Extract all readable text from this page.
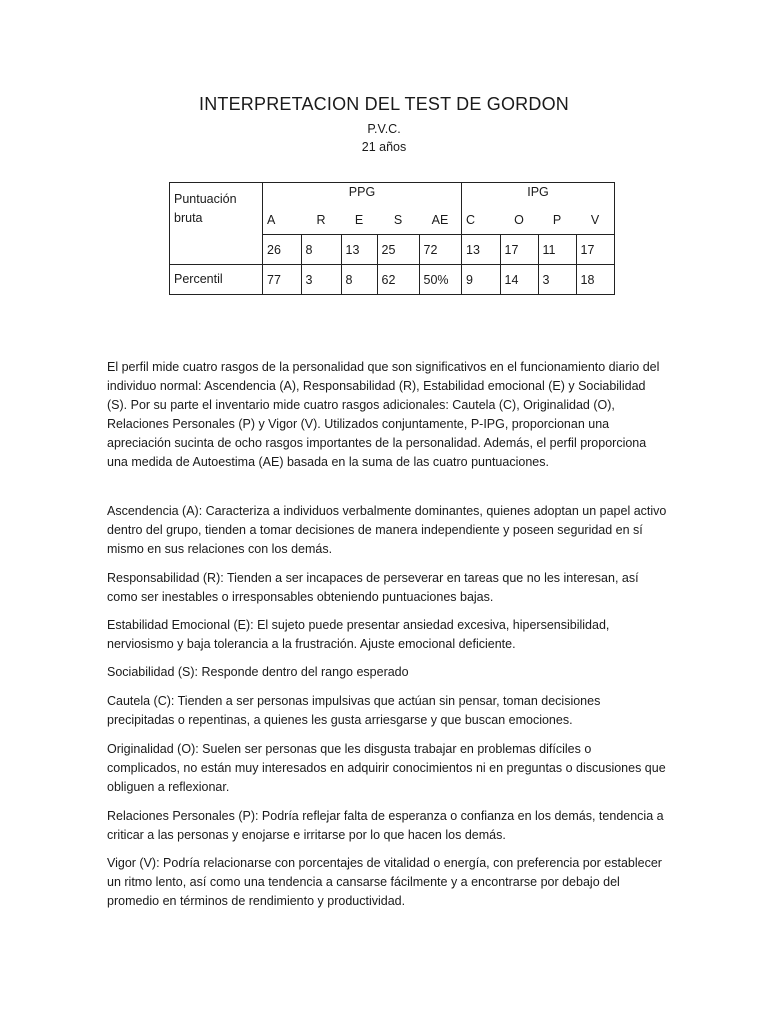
INTERPRETACION DEL TEST DE GORDON
P.V.C.
21 años
Puntuación bruta	PPG					IPG			
	A	R	E	S	AE	C	O	P	V
	26	8	13	25	72	13	17	11	17
Percentil	77	3	8	62	50%	9	14	3	18
El perfil mide cuatro rasgos de la personalidad que son significativos en el funcionamiento diario del individuo normal: Ascendencia (A), Responsabilidad (R), Estabilidad emocional (E) y Sociabilidad (S). Por su parte el inventario mide cuatro rasgos adicionales: Cautela (C), Originalidad (O), Relaciones Personales (P) y Vigor (V). Utilizados conjuntamente, P-IPG, proporcionan una apreciación sucinta de ocho rasgos importantes de la personalidad. Además, el perfil proporciona una medida de Autoestima (AE) basada en la suma de las cuatro puntuaciones.

Ascendencia (A): Caracteriza a individuos verbalmente dominantes, quienes adoptan un papel activo dentro del grupo, tienden a tomar decisiones de manera independiente y poseen seguridad en sí mismo en sus relaciones con los demás.

Responsabilidad (R): Tienden a ser incapaces de perseverar en tareas que no les interesan, así como ser inestables o irresponsables obteniendo puntuaciones bajas.

Estabilidad Emocional (E): El sujeto puede presentar ansiedad excesiva, hipersensibilidad, nerviosismo y baja tolerancia a la frustración. Ajuste emocional deficiente.

Sociabilidad (S): Responde dentro del rango esperado

Cautela (C): Tienden a ser personas impulsivas que actúan sin pensar, toman decisiones precipitadas o repentinas, a quienes les gusta arriesgarse y que buscan emociones.

Originalidad (O): Suelen ser personas que les disgusta trabajar en problemas difíciles o complicados, no están muy interesados en adquirir conocimientos ni en preguntas o discusiones que obliguen a reflexionar.

Relaciones Personales (P): Podría reflejar falta de esperanza o confianza en los demás, tendencia a criticar a las personas y enojarse e irritarse por lo que hacen los demás.

Vigor (V): Podría relacionarse con porcentajes de vitalidad o energía, con preferencia por establecer un ritmo lento, así como una tendencia a cansarse fácilmente y a encontrarse por debajo del promedio en términos de rendimiento y productividad.
